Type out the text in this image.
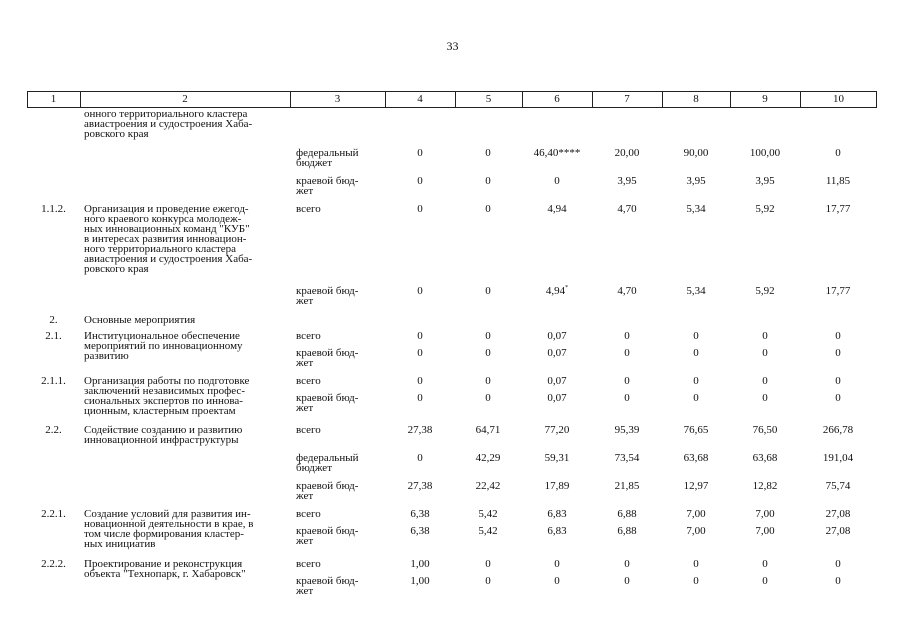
33
1	2	3	4	5	6	7	8	9	10
онного территориального кластера
авиастроения и судостроения Хаба-
ровского края
федеральный
бюджет
0	0	46,40****	20,00	90,00	100,00	0
краевой бюд-
жет
0	0	0	3,95	3,95	3,95	11,85
1.1.2.	Организация и проведение ежегод-
ного краевого конкурса молодеж-
ных инновационных команд "КУБ"
в интересах развития инновацион-
ного территориального кластера
авиастроения и судостроения Хаба-
ровского края
всего	0	0	4,94	4,70	5,34	5,92	17,77
краевой бюд-
жет
0	0	4,94*	4,70	5,34	5,92	17,77
2.	Основные мероприятия
2.1.	Институциональное обеспечение
мероприятий по инновационному
развитию
всего	0	0	0,07	0	0	0	0
краевой бюд-
жет
0	0	0,07	0	0	0	0
2.1.1.	Организация работы по подготовке
заключений независимых профес-
сиональных экспертов по иннова-
ционным, кластерным проектам
всего	0	0	0,07	0	0	0	0
краевой бюд-
жет
0	0	0,07	0	0	0	0
2.2.	Содействие созданию и развитию
инновационной инфраструктуры
всего	27,38	64,71	77,20	95,39	76,65	76,50	266,78
федеральный
бюджет
0	42,29	59,31	73,54	63,68	63,68	191,04
краевой бюд-
жет
27,38	22,42	17,89	21,85	12,97	12,82	75,74
2.2.1.	Создание условий для развития ин-
новационной деятельности в крае, в
том числе формирования кластер-
ных инициатив
всего	6,38	5,42	6,83	6,88	7,00	7,00	27,08
краевой бюд-
жет
6,38	5,42	6,83	6,88	7,00	7,00	27,08
2.2.2.	Проектирование и реконструкция
объекта "Технопарк, г. Хабаровск"
всего	1,00	0	0	0	0	0	0
краевой бюд-
жет
1,00	0	0	0	0	0	0
